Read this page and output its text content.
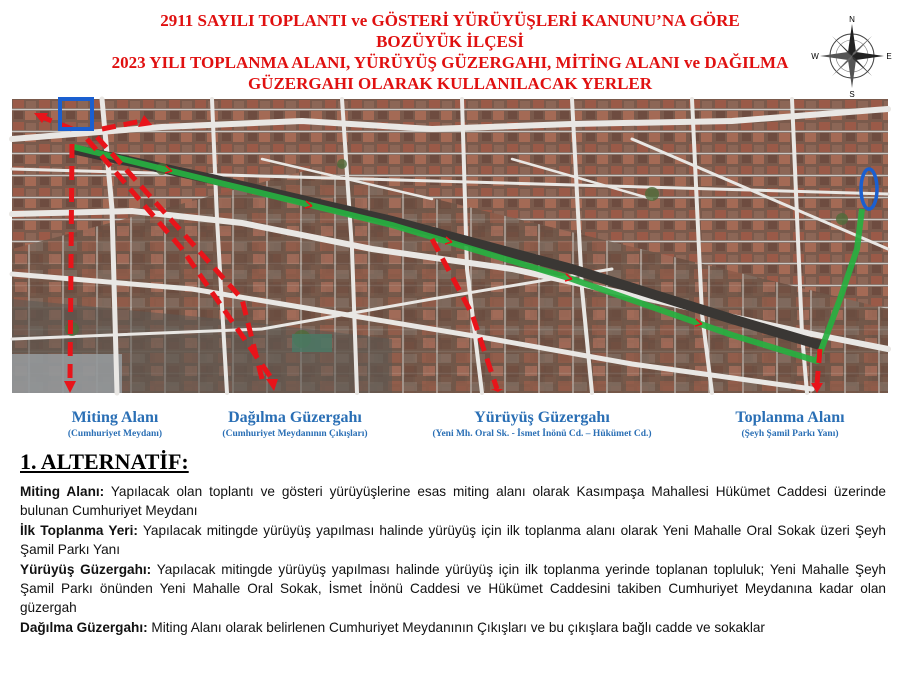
2911 SAYILI TOPLANTI ve GÖSTERİ YÜRÜYÜŞLERİ KANUNU’NA GÖRE
BOZÜYÜK İLÇESİ
2023 YILI TOPLANMA ALANI, YÜRÜYÜŞ GÜZERGAHI, MİTİNG ALANI ve DAĞILMA
GÜZERGAHI OLARAK KULLANILACAK YERLER
N
S
E
W
Miting Alanı
(Cumhuriyet Meydanı)
Dağılma Güzergahı
(Cumhuriyet Meydanının Çıkışları)
Yürüyüş Güzergahı
(Yeni Mh. Oral Sk. - İsmet İnönü Cd. – Hükümet Cd.)
Toplanma Alanı
(Şeyh Şamil Parkı Yanı)
1. ALTERNATİF:

Miting Alanı: Yapılacak olan toplantı ve gösteri yürüyüşlerine esas miting alanı olarak Kasımpaşa Mahallesi Hükümet Caddesi üzerinde bulunan Cumhuriyet Meydanı

İlk Toplanma Yeri: Yapılacak mitingde yürüyüş yapılması halinde yürüyüş için ilk toplanma alanı olarak Yeni Mahalle Oral Sokak üzeri Şeyh Şamil Parkı Yanı

Yürüyüş Güzergahı: Yapılacak mitingde yürüyüş yapılması halinde yürüyüş için ilk toplanma yerinde toplanan topluluk; Yeni Mahalle Şeyh Şamil Parkı önünden Yeni Mahalle Oral Sokak, İsmet İnönü Caddesi ve Hükümet Caddesini takiben Cumhuriyet Meydanına kadar olan güzergah

Dağılma Güzergahı: Miting Alanı olarak belirlenen Cumhuriyet Meydanının Çıkışları ve bu çıkışlara bağlı cadde ve sokaklar
